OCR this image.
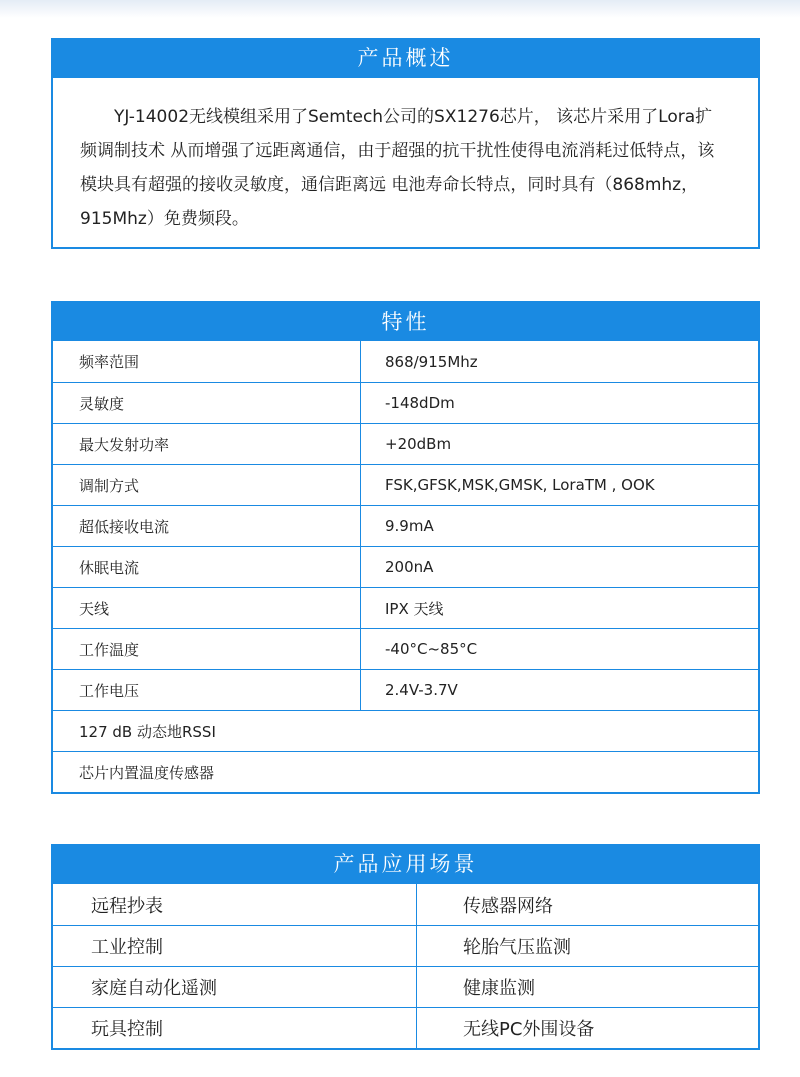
产品概述
YJ-14002无线模组采用了Semtech公司的SX1276芯片， 该芯片采用了Lora扩频调制技术 从而增强了远距离通信，由于超强的抗干扰性使得电流消耗过低特点，该模块具有超强的接收灵敏度，通信距离远 电池寿命长特点，同时具有（868mhz，915Mhz）免费频段。
特性
频率范围	868/915Mhz
灵敏度	-148dDm
最大发射功率	+20dBm
调制方式	FSK,GFSK,MSK,GMSK, LoraTM , OOK
超低接收电流	9.9mA
休眠电流	200nA
天线	IPX 天线
工作温度	-40°C~85°C
工作电压	2.4V-3.7V
127 dB 动态地RSSI
芯片内置温度传感器
产品应用场景
远程抄表	传感器网络
工业控制	轮胎气压监测
家庭自动化遥测	健康监测
玩具控制	无线PC外围设备
